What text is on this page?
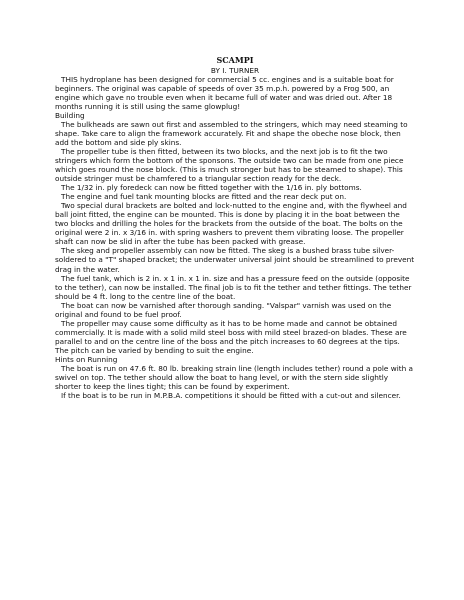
SCAMPI
BY I. TURNER

THIS hydroplane has been designed for commercial 5 cc. engines and is a suitable boat for beginners. The original was capable of speeds of over 35 m.p.h. powered by a Frog 500, an engine which gave no trouble even when it became full of water and was dried out. After 18 months running it is still using the same glowplug!

Building

The bulkheads are sawn out first and assembled to the stringers, which may need steaming to shape. Take care to align the framework accurately. Fit and shape the obeche nose block, then add the bottom and side ply skins.

The propeller tube is then fitted, between its two blocks, and the next job is to fit the two stringers which form the bottom of the sponsons. The outside two can be made from one piece which goes round the nose block. (This is much stronger but has to be steamed to shape). This outside stringer must be chamfered to a triangular section ready for the deck.

The 1/32 in. ply foredeck can now be fitted together with the 1/16 in. ply bottoms.

The engine and fuel tank mounting blocks are fitted and the rear deck put on.

Two special dural brackets are bolted and lock-nutted to the engine and, with the flywheel and ball joint fitted, the engine can be mounted. This is done by placing it in the boat between the two blocks and drilling the holes for the brackets from the outside of the boat. The bolts on the original were 2 in. x 3/16 in. with spring washers to prevent them vibrating loose. The propeller shaft can now be slid in after the tube has been packed with grease.

The skeg and propeller assembly can now be fitted. The skeg is a bushed brass tube silver-soldered to a "T" shaped bracket; the underwater universal joint should be streamlined to prevent drag in the water.

The fuel tank, which is 2 in. x 1 in. x 1 in. size and has a pressure feed on the outside (opposite to the tether), can now be installed. The final job is to fit the tether and tether fittings. The tether should be 4 ft. long to the centre line of the boat.

The boat can now be varnished after thorough sanding. "Valspar" varnish was used on the original and found to be fuel proof.

The propeller may cause some difficulty as it has to be home made and cannot be obtained commercially. It is made with a solid mild steel boss with mild steel brazed-on blades. These are parallel to and on the centre line of the boss and the pitch increases to 60 degrees at the tips. The pitch can be varied by bending to suit the engine.

Hints on Running

The boat is run on 47.6 ft. 80 lb. breaking strain line (length includes tether) round a pole with a swivel on top. The tether should allow the boat to hang level, or with the stern side slightly shorter to keep the lines tight; this can be found by experiment.

If the boat is to be run in M.P.B.A. competitions it should be fitted with a cut-out and silencer.
